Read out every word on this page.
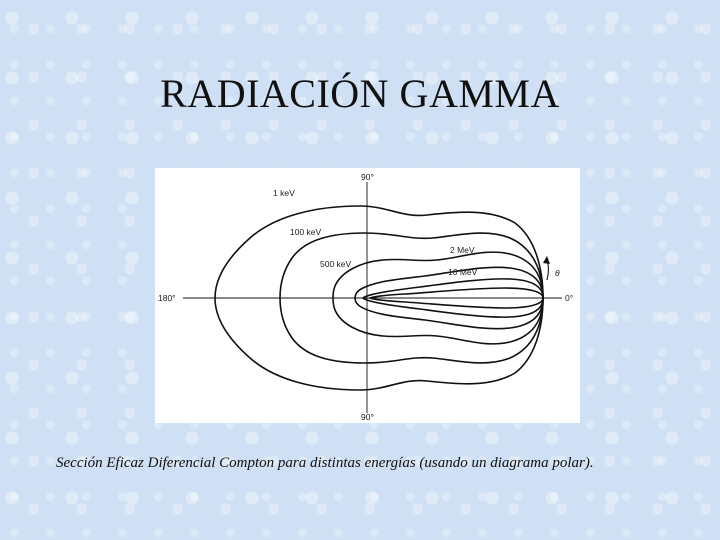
RADIACIÓN GAMMA
90°
90°
180°	0°
θ
1 keV
100 keV
500 keV
2 MeV
10 MeV
Sección Eficaz Diferencial Compton para distintas energías (usando un diagrama polar).
